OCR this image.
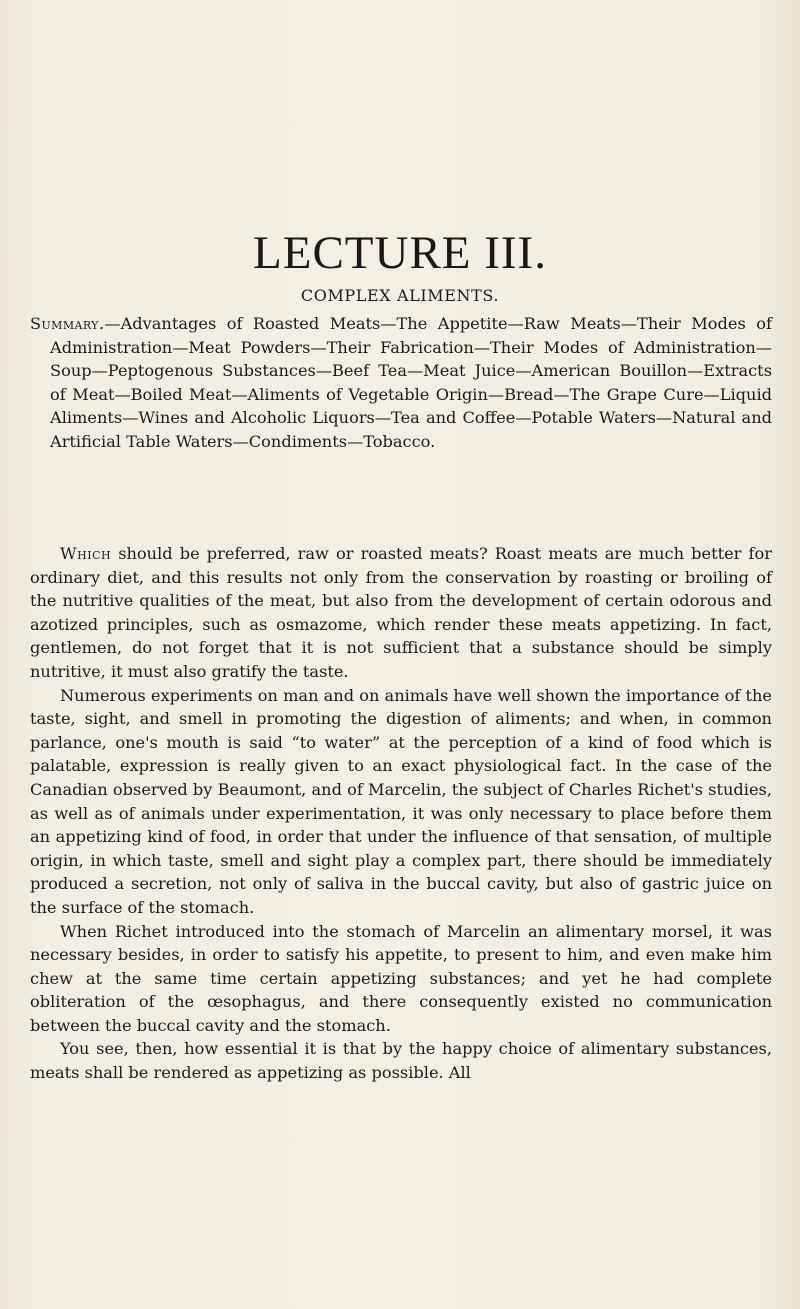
LECTURE III.
COMPLEX ALIMENTS.

Summary.—Advantages of Roasted Meats—The Appetite—Raw Meats—Their Modes of Administration—Meat Powders—Their Fabrication—Their Modes of Administration—Soup—Peptogenous Substances—Beef Tea—Meat Juice—American Bouillon—Extracts of Meat—Boiled Meat—Aliments of Vegetable Origin—Bread—The Grape Cure—Liquid Aliments—Wines and Alcoholic Liquors—Tea and Coffee—Potable Waters—Natural and Artificial Table Waters—Condiments—Tobacco.

Which should be preferred, raw or roasted meats? Roast meats are much better for ordinary diet, and this results not only from the conservation by roasting or broiling of the nutritive qualities of the meat, but also from the development of certain odorous and azotized principles, such as osmazome, which render these meats appetizing. In fact, gentlemen, do not forget that it is not sufficient that a substance should be simply nutritive, it must also gratify the taste.

Numerous experiments on man and on animals have well shown the importance of the taste, sight, and smell in promoting the digestion of aliments; and when, in common parlance, one's mouth is said “to water” at the perception of a kind of food which is palatable, expression is really given to an exact physiological fact. In the case of the Canadian observed by Beaumont, and of Marcelin, the subject of Charles Richet's studies, as well as of animals under experimentation, it was only necessary to place before them an appetizing kind of food, in order that under the influence of that sensation, of multiple origin, in which taste, smell and sight play a complex part, there should be immediately produced a secretion, not only of saliva in the buccal cavity, but also of gastric juice on the surface of the stomach.

When Richet introduced into the stomach of Marcelin an alimentary morsel, it was necessary besides, in order to satisfy his appetite, to present to him, and even make him chew at the same time certain appetizing substances; and yet he had complete obliteration of the œsophagus, and there consequently existed no communication between the buccal cavity and the stomach.

You see, then, how essential it is that by the happy choice of alimentary substances, meats shall be rendered as appetizing as possible. All
